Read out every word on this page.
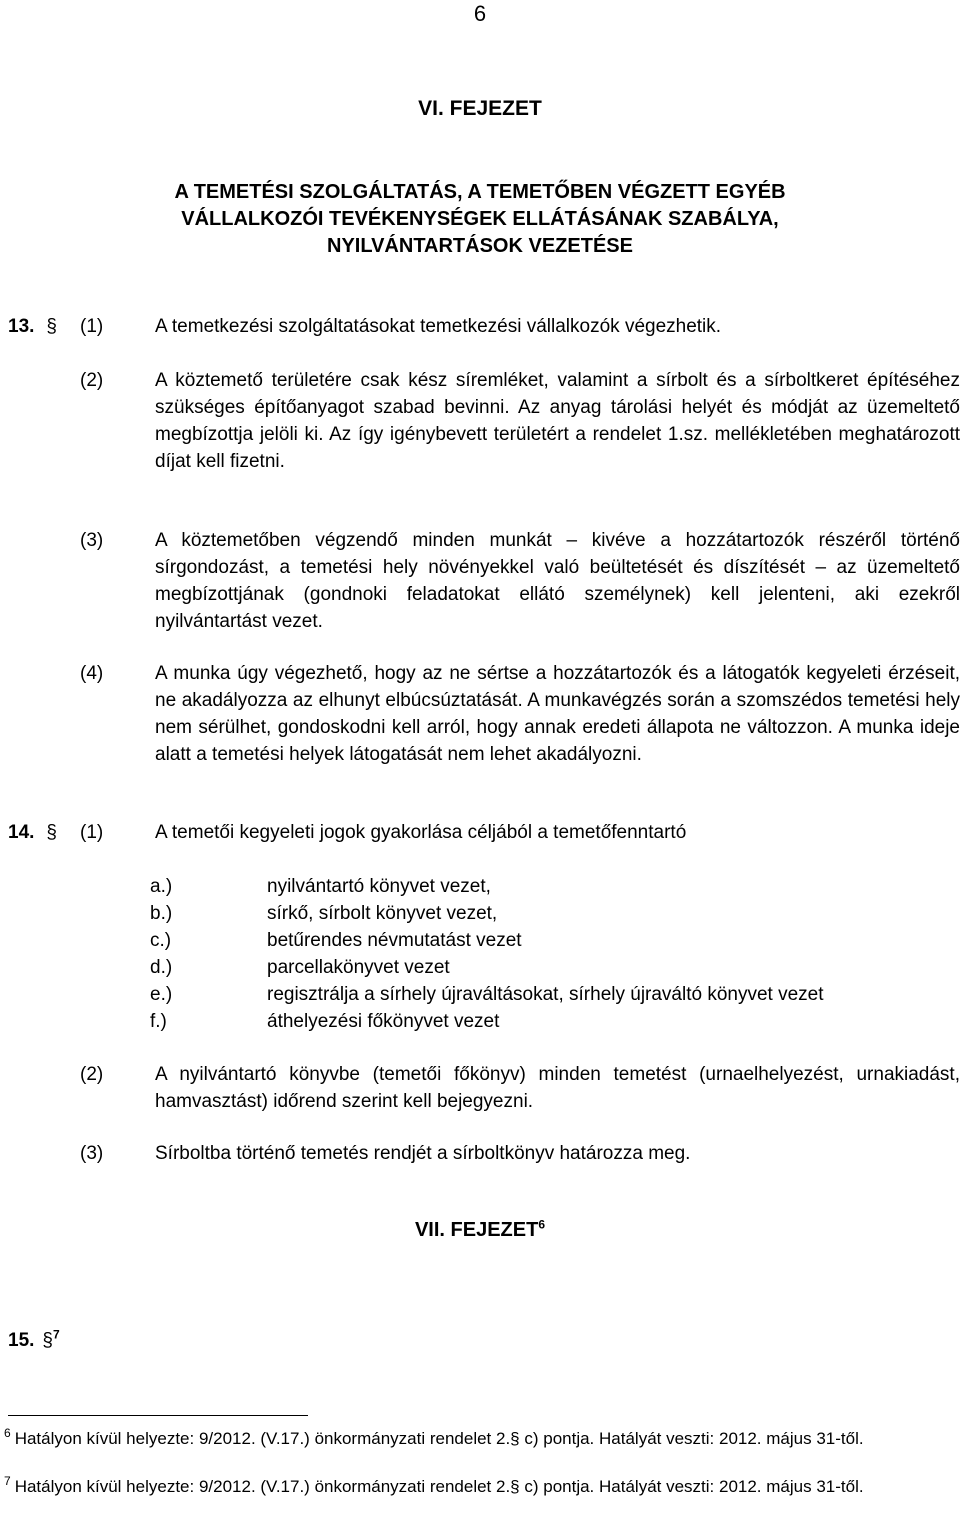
6
VI. FEJEZET
A TEMETÉSI SZOLGÁLTATÁS, A TEMETŐBEN VÉGZETT EGYÉB
VÁLLALKOZÓI TEVÉKENYSÉGEK ELLÁTÁSÁNAK SZABÁLYA,
NYILVÁNTARTÁSOK VEZETÉSE
13. § (1)	A temetkezési szolgáltatásokat temetkezési vállalkozók végezhetik.
(2)	A köztemető területére csak kész síremléket, valamint a sírbolt és a sírboltkeret építéséhez szükséges építőanyagot szabad bevinni. Az anyag tárolási helyét és módját az üzemeltető megbízottja jelöli ki. Az így igénybevett területért a rendelet 1.sz. mellékletében meghatározott díjat kell fizetni.
(3)	A köztemetőben végzendő minden munkát – kivéve a hozzátartozók részéről történő sírgondozást, a temetési hely növényekkel való beültetését és díszítését – az üzemeltető megbízottjának (gondnoki feladatokat ellátó személynek) kell jelenteni, aki ezekről nyilvántartást vezet.
(4)	A munka úgy végezhető, hogy az ne sértse a hozzátartozók és a látogatók kegyeleti érzéseit, ne akadályozza az elhunyt elbúcsúztatását. A munkavégzés során a szomszédos temetési hely nem sérülhet, gondoskodni kell arról, hogy annak eredeti állapota ne változzon. A munka ideje alatt a temetési helyek látogatását nem lehet akadályozni.
14. § (1)	A temetői kegyeleti jogok gyakorlása céljából a temetőfenntartó
a.)	nyilvántartó könyvet vezet,
b.)	sírkő, sírbolt könyvet vezet,
c.)	betűrendes névmutatást vezet
d.)	parcellakönyvet vezet
e.)	regisztrálja a sírhely újraváltásokat, sírhely újraváltó könyvet vezet
f.)	áthelyezési főkönyvet vezet
(2)	A nyilvántartó könyvbe (temetői főkönyv) minden temetést (urnaelhelyezést, urnakiadást, hamvasztást) időrend szerint kell bejegyezni.
(3)	Sírboltba történő temetés rendjét a sírboltkönyv határozza meg.
VII. FEJEZET$^6$
15. §$^7$
$^6$ Hatályon kívül helyezte: 9/2012. (V.17.) önkormányzati rendelet 2.§ c) pontja. Hatályát veszti: 2012. május 31-től.
$^7$ Hatályon kívül helyezte: 9/2012. (V.17.) önkormányzati rendelet 2.§ c) pontja. Hatályát veszti: 2012. május 31-től.
